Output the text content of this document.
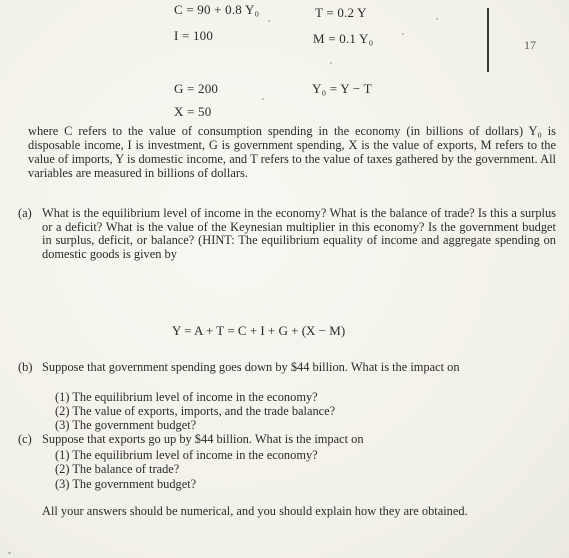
C = 90 + 0.8 Y₀	T = 0.2 Y
I = 100	M = 0.1 Y₀
G = 200	Y₀ = Y − T
X = 50
17

where C refers to the value of consumption spending in the economy (in billions of dollars) Y₀ is disposable income, I is investment, G is government spending, X is the value of exports, M refers to the value of imports, Y is domestic income, and T refers to the value of taxes gathered by the government. All variables are measured in billions of dollars.

(a) What is the equilibrium level of income in the economy? What is the balance of trade? Is this a surplus or a deficit? What is the value of the Keynesian multiplier in this economy? Is the government budget in surplus, deficit, or balance? (HINT: The equilibrium equality of income and aggregate spending on domestic goods is given by
Y = A + T = C + I + G + (X − M)
(b) Suppose that government spending goes down by $44 billion. What is the impact on
(1) The equilibrium level of income in the economy?
(2) The value of exports, imports, and the trade balance?
(3) The government budget?
(c) Suppose that exports go up by $44 billion. What is the impact on
(1) The equilibrium level of income in the economy?
(2) The balance of trade?
(3) The government budget?
All your answers should be numerical, and you should explain how they are obtained.
